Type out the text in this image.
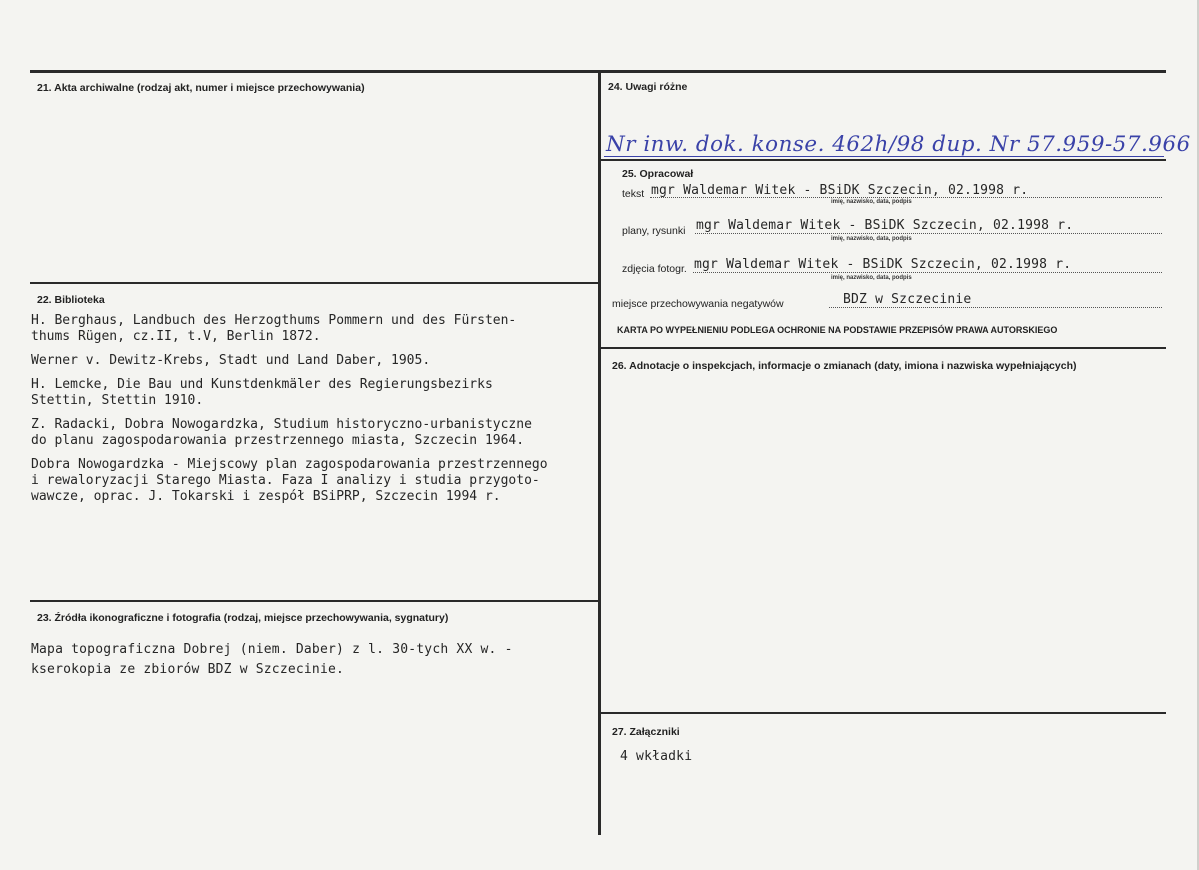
21. Akta archiwalne (rodzaj akt, numer i miejsce przechowywania)
22. Biblioteka

H. Berghaus, Landbuch des Herzogthums Pommern und des Fürsten-
thums Rügen, cz.II, t.V, Berlin 1872.

Werner v. Dewitz-Krebs, Stadt und Land Daber, 1905.

H. Lemcke, Die Bau und Kunstdenkmäler des Regierungsbezirks
Stettin, Stettin 1910.

Z. Radacki, Dobra Nowogardzka, Studium historyczno-urbanistyczne
do planu zagospodarowania przestrzennego miasta, Szczecin 1964.

Dobra Nowogardzka - Miejscowy plan zagospodarowania przestrzennego
i rewaloryzacji Starego Miasta. Faza I analizy i studia przygoto-
wawcze, oprac. J. Tokarski i zespół BSiPRP, Szczecin 1994 r.

23. Źródła ikonograficzne i fotografia (rodzaj, miejsce przechowywania, sygnatury)
Mapa topograficzna Dobrej (niem. Daber) z l. 30-tych XX w. -
kserokopia ze zbiorów BDZ w Szczecinie.
24. Uwagi różne
Nr inw. dok. konse. 462h/98 dup. Nr 57.959-57.966
25. Opracował
tekst mgr Waldemar Witek - BSiDK Szczecin, 02.1998 r.
imię, nazwisko, data, podpis
plany, rysunki mgr Waldemar Witek - BSiDK Szczecin, 02.1998 r.
imię, nazwisko, data, podpis
zdjęcia fotogr. mgr Waldemar Witek - BSiDK Szczecin, 02.1998 r.
imię, nazwisko, data, podpis
miejsce przechowywania negatywów	BDZ w Szczecinie
KARTA PO WYPEŁNIENIU PODLEGA OCHRONIE NA PODSTAWIE PRZEPISÓW PRAWA AUTORSKIEGO
26. Adnotacje o inspekcjach, informacje o zmianach (daty, imiona i nazwiska wypełniających)
27. Załączniki
4 wkładki
